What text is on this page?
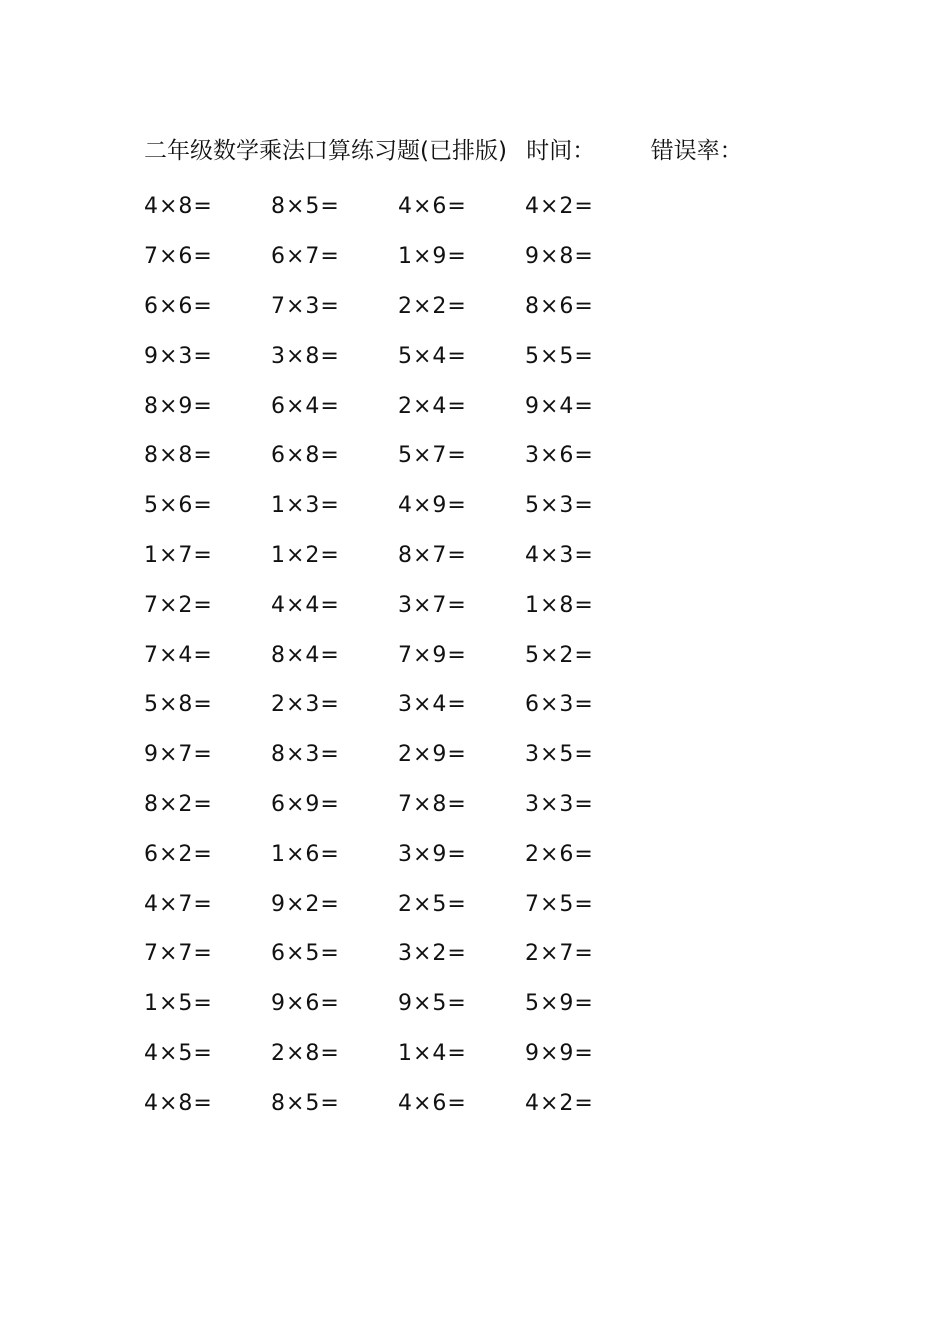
二年级数学乘法口算练习题(已排版) 时间： 错误率：
4×8=	8×5=	4×6=	4×2=
7×6=	6×7=	1×9=	9×8=
6×6=	7×3=	2×2=	8×6=
9×3=	3×8=	5×4=	5×5=
8×9=	6×4=	2×4=	9×4=
8×8=	6×8=	5×7=	3×6=
5×6=	1×3=	4×9=	5×3=
1×7=	1×2=	8×7=	4×3=
7×2=	4×4=	3×7=	1×8=
7×4=	8×4=	7×9=	5×2=
5×8=	2×3=	3×4=	6×3=
9×7=	8×3=	2×9=	3×5=
8×2=	6×9=	7×8=	3×3=
6×2=	1×6=	3×9=	2×6=
4×7=	9×2=	2×5=	7×5=
7×7=	6×5=	3×2=	2×7=
1×5=	9×6=	9×5=	5×9=
4×5=	2×8=	1×4=	9×9=
4×8=	8×5=	4×6=	4×2=
